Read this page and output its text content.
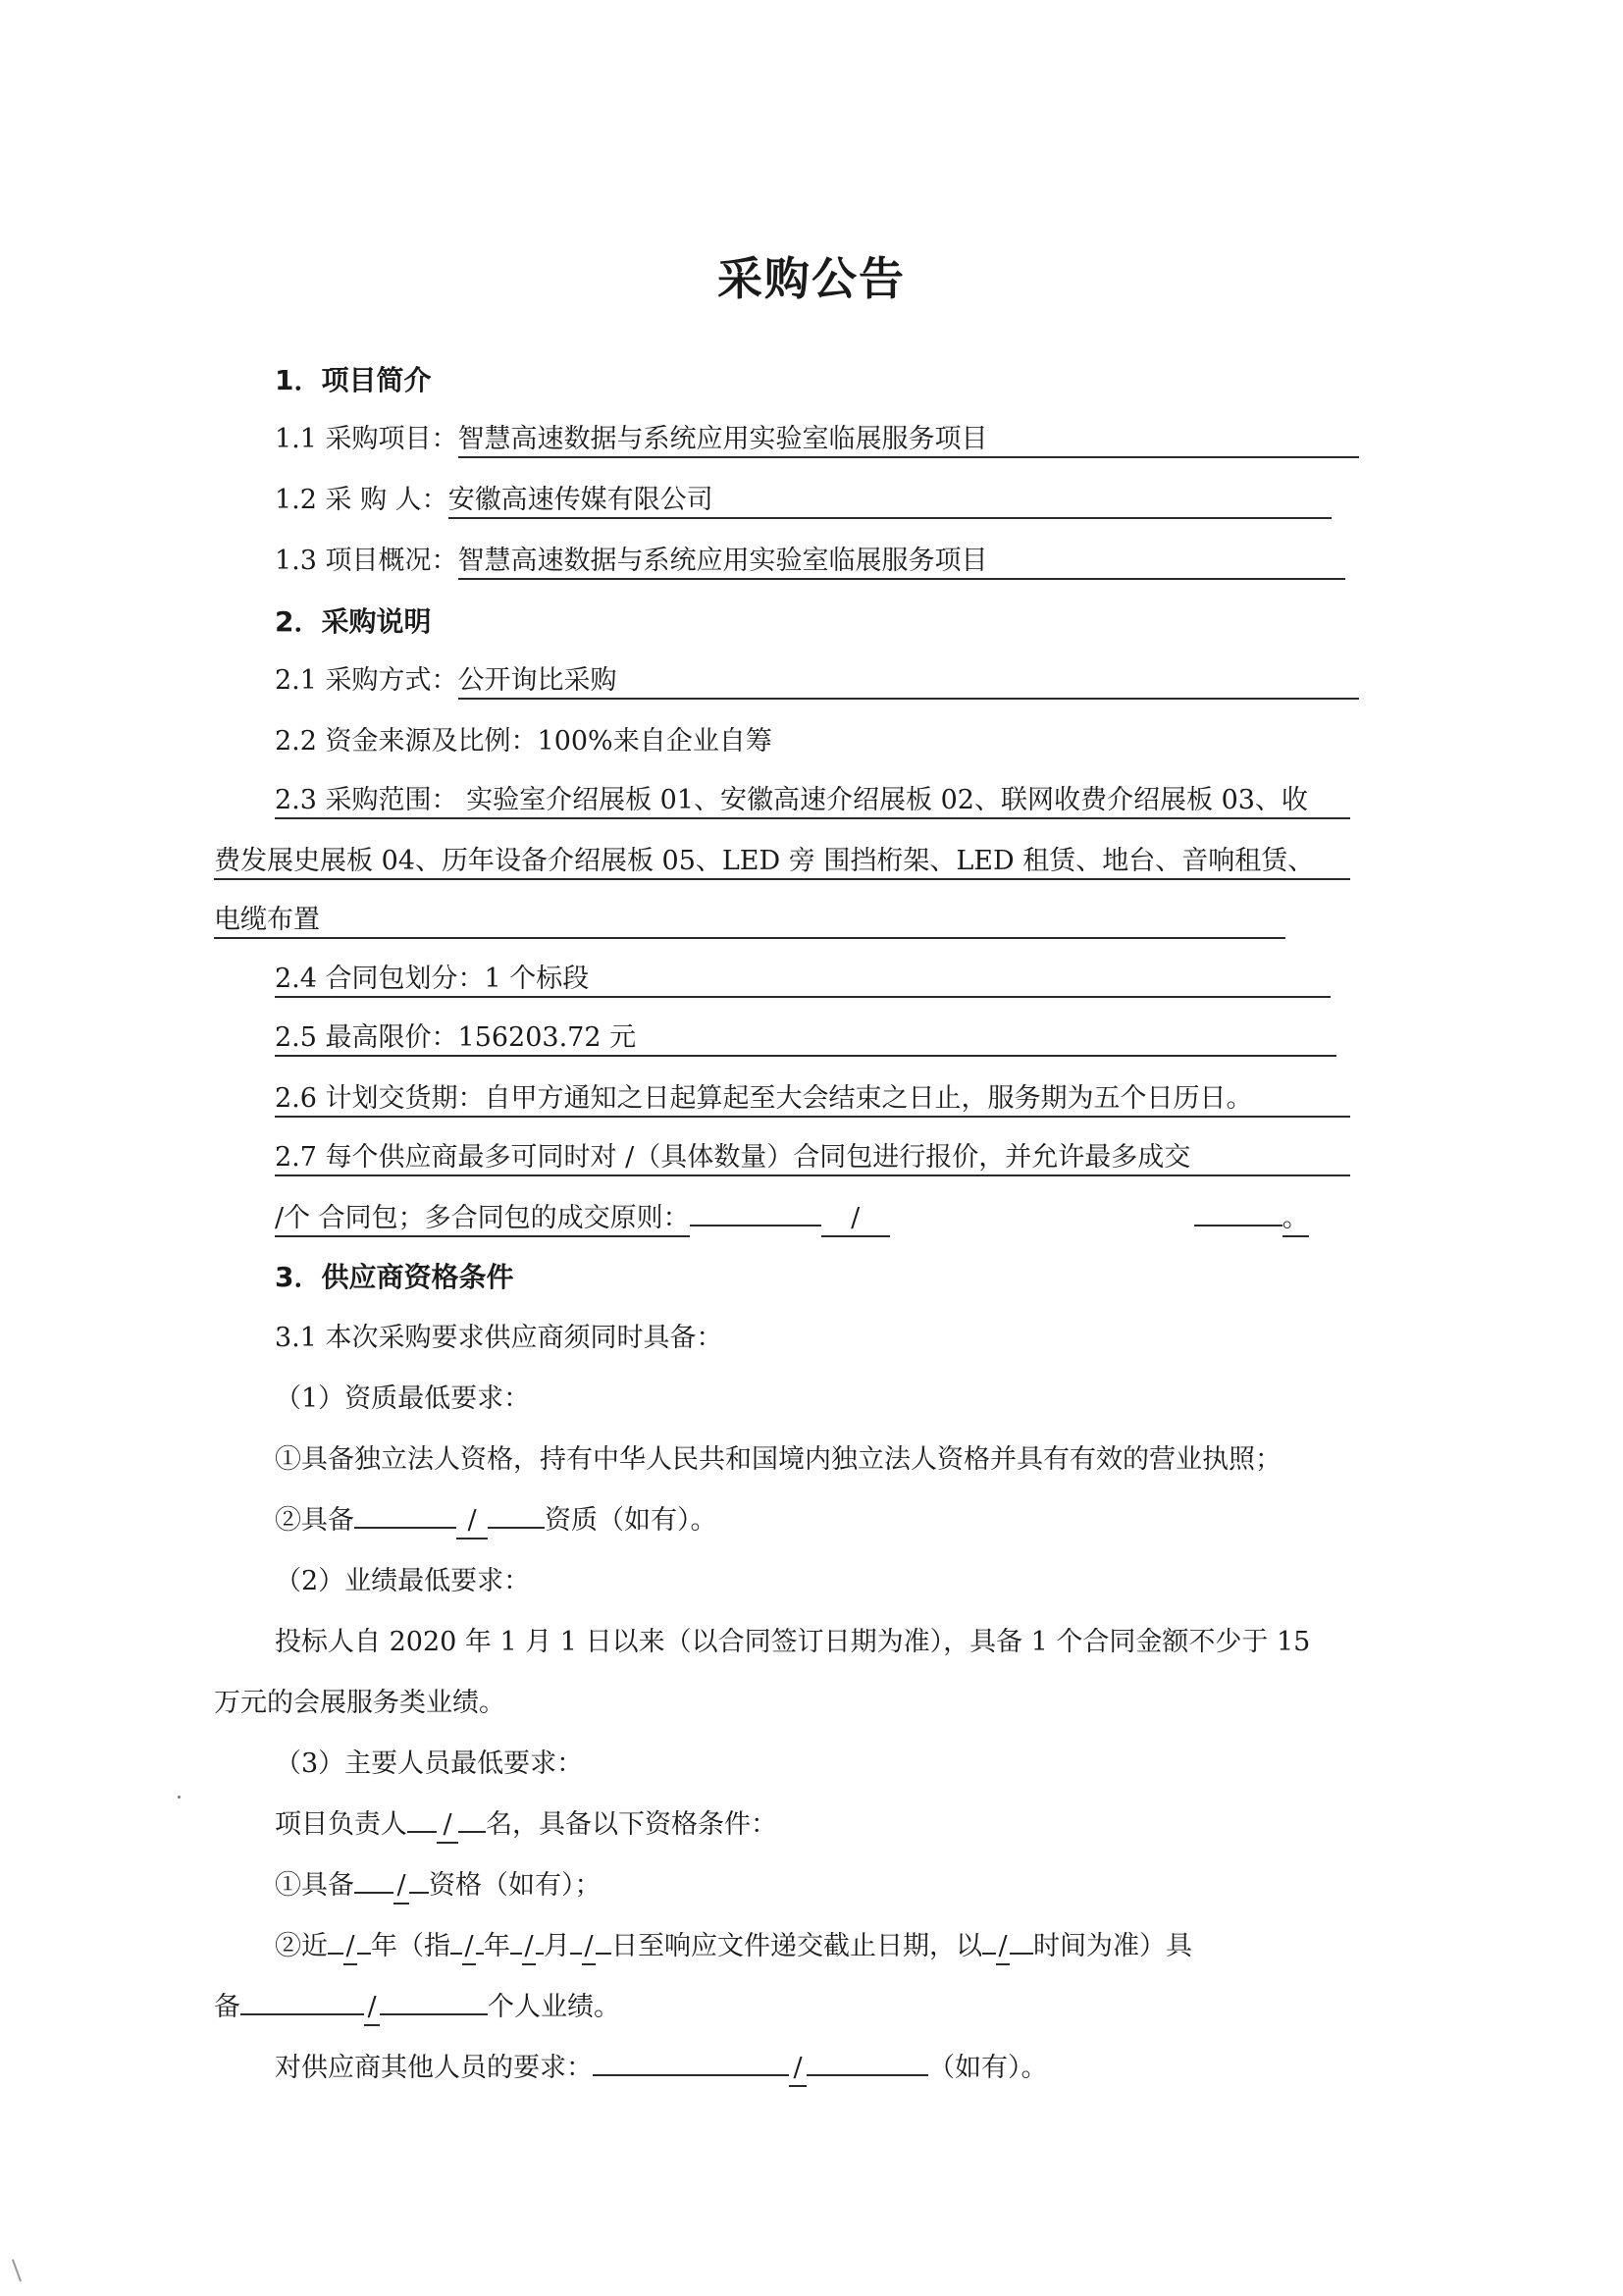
采购公告
1．项目简介
1.1 采购项目：智慧高速数据与系统应用实验室临展服务项目
1.2 采 购 人：安徽高速传媒有限公司
1.3 项目概况：智慧高速数据与系统应用实验室临展服务项目
2．采购说明
2.1 采购方式：公开询比采购
2.2 资金来源及比例：100%来自企业自筹
2.3 采购范围： 实验室介绍展板 01、安徽高速介绍展板 02、联网收费介绍展板 03、收
费发展史展板 04、历年设备介绍展板 05、LED 旁 围挡桁架、LED 租赁、地台、音响租赁、
电缆布置
2.4 合同包划分：1 个标段
2.5 最高限价：156203.72 元
2.6 计划交货期：自甲方通知之日起算起至大会结束之日止，服务期为五个日历日。
2.7 每个供应商最多可同时对 /（具体数量）合同包进行报价，并允许最多成交
/个 合同包；多合同包的成交原则：	/	。
3．供应商资格条件
3.1 本次采购要求供应商须同时具备：
（1）资质最低要求：
①具备独立法人资格，持有中华人民共和国境内独立法人资格并具有有效的营业执照；
②具备	/	资质（如有）。
（2）业绩最低要求：
投标人自 2020 年 1 月 1 日以来（以合同签订日期为准），具备 1 个合同金额不少于 15
万元的会展服务类业绩。
（3）主要人员最低要求：
项目负责人 / 名，具备以下资格条件：
①具备 / 资格（如有）；
②近 / 年（指 / 年 / 月 / 日至响应文件递交截止日期，以 / 时间为准）具
备	/	个人业绩。
对供应商其他人员的要求：	/	（如有）。
